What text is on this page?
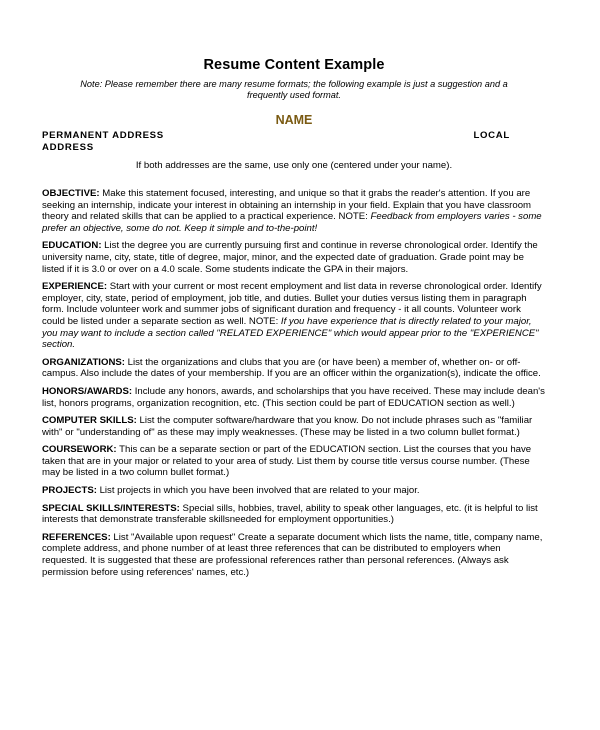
Resume Content Example
Note: Please remember there are many resume formats; the following example is just a suggestion and a frequently used format.
NAME
PERMANENT ADDRESS	LOCAL
ADDRESS
If both addresses are the same, use only one (centered under your name).

OBJECTIVE: Make this statement focused, interesting, and unique so that it grabs the reader's attention. If you are seeking an internship, indicate your interest in obtaining an internship in your field. Explain that you have classroom theory and related skills that can be applied to a practical experience. NOTE: Feedback from employers varies - some prefer an objective, some do not. Keep it simple and to-the-point!

EDUCATION: List the degree you are currently pursuing first and continue in reverse chronological order. Identify the university name, city, state, title of degree, major, minor, and the expected date of graduation. Grade point may be listed if it is 3.0 or over on a 4.0 scale. Some students indicate the GPA in their majors.

EXPERIENCE: Start with your current or most recent employment and list data in reverse chronological order. Identify employer, city, state, period of employment, job title, and duties. Bullet your duties versus listing them in paragraph form. Include volunteer work and summer jobs of significant duration and frequency - it all counts. Volunteer work could be listed under a separate section as well. NOTE: If you have experience that is directly related to your major, you may want to include a section called "RELATED EXPERIENCE" which would appear prior to the "EXPERIENCE" section.

ORGANIZATIONS: List the organizations and clubs that you are (or have been) a member of, whether on- or off-campus. Also include the dates of your membership. If you are an officer within the organization(s), indicate the office.

HONORS/AWARDS: Include any honors, awards, and scholarships that you have received. These may include dean's list, honors programs, organization recognition, etc. (This section could be part of EDUCATION section as well.)

COMPUTER SKILLS: List the computer software/hardware that you know. Do not include phrases such as "familiar with" or "understanding of" as these may imply weaknesses. (These may be listed in a two column bullet format.)

COURSEWORK: This can be a separate section or part of the EDUCATION section. List the courses that you have taken that are in your major or related to your area of study. List them by course title versus course number. (These may be listed in a two column bullet format.)

PROJECTS: List projects in which you have been involved that are related to your major.

SPECIAL SKILLS/INTERESTS: Special sills, hobbies, travel, ability to speak other languages, etc. (it is helpful to list interests that demonstrate transferable skillsneeded for employment opportunities.)

REFERENCES: List "Available upon request" Create a separate document which lists the name, title, company name, complete address, and phone number of at least three references that can be distributed to employers when requested. It is suggested that these are professional references rather than personal references. (Always ask permission before using references' names, etc.)
